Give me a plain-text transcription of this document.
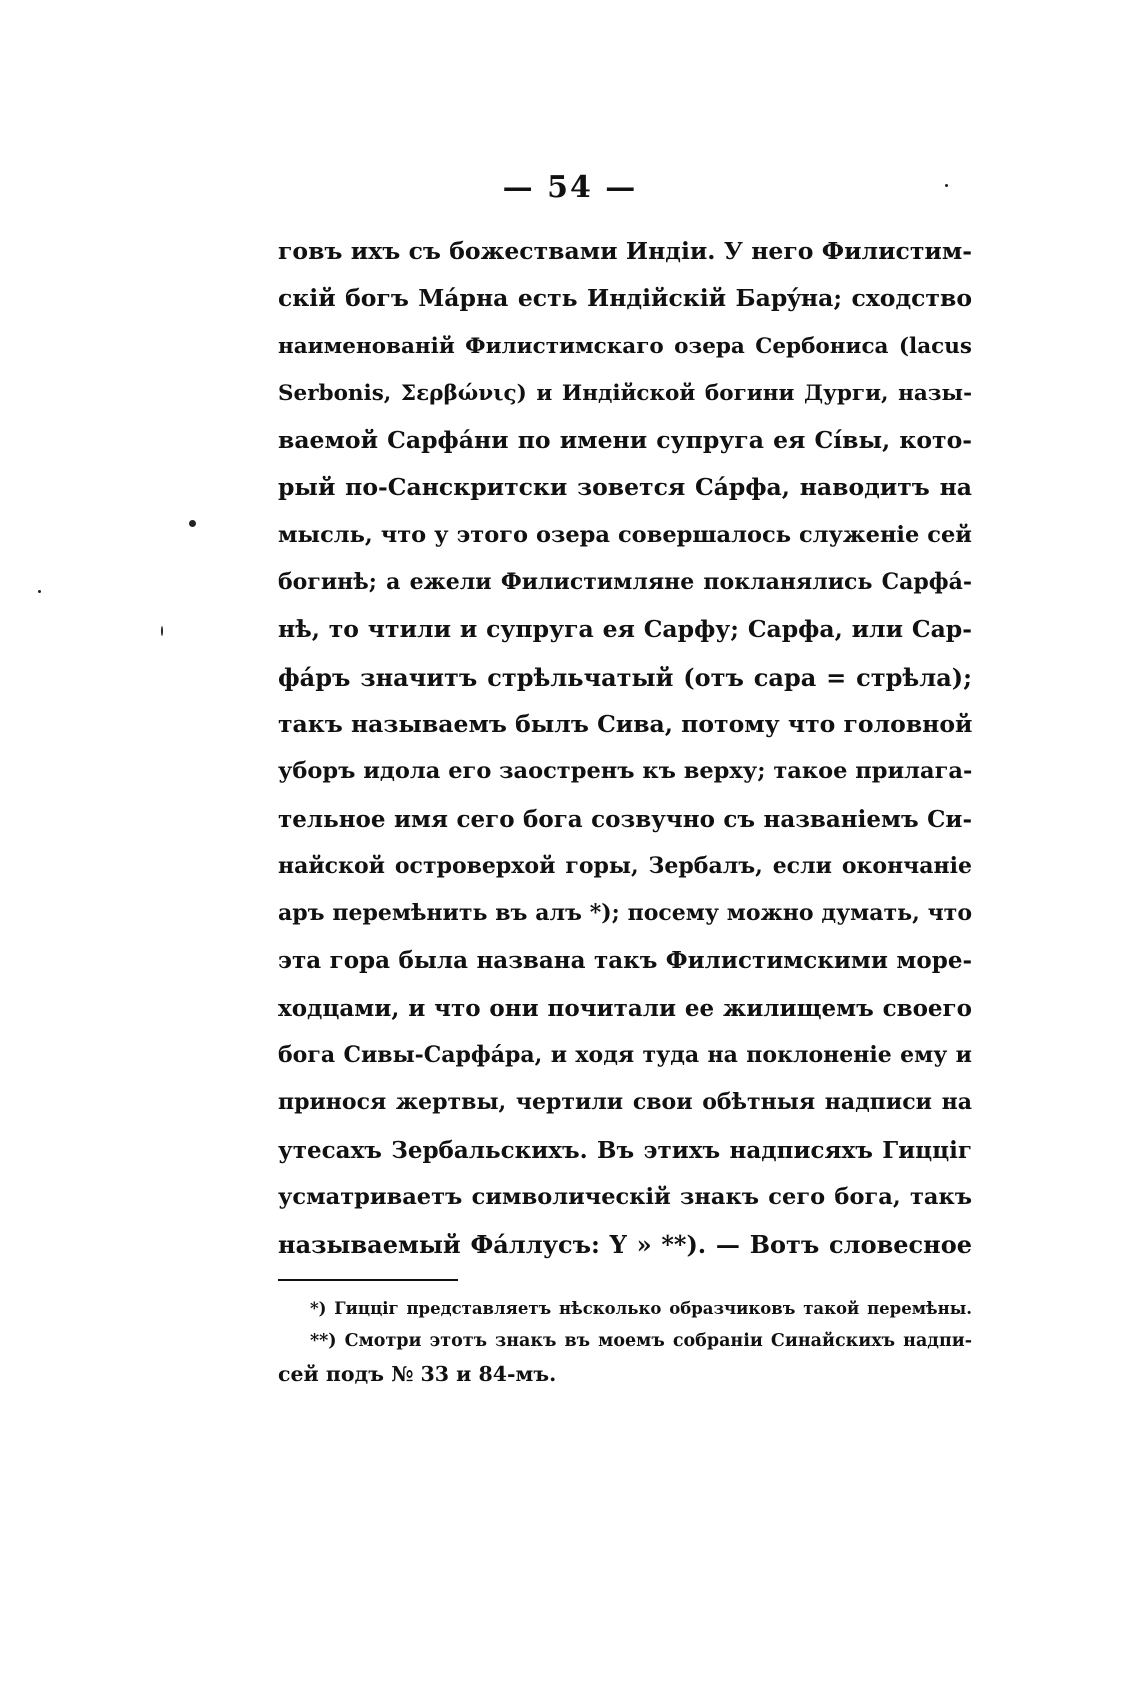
— 54 —
говъ ихъ съ божествами Индіи. У него Филистим-
скій богъ Mápна есть Индійскій Барýна; сходство
наименованій Филистимскаго озера Сербониса (lacus
Serbonis, Σερβώνις) и Индійской богини Дурги, назы-
ваемой Сарфáни по имени супруга ея Сíвы, кото-
рый по-Санскритски зовется Сáрфа, наводитъ на
мысль, что у этого озера совершалось служеніе сей
богинѣ; а ежели Филистимляне покланялись Сарфá-
нѣ, то чтили и супруга ея Сарфу; Сарфа, или Сар-
фáръ значитъ стрѣльчатый (отъ сара = стрѣла);
такъ называемъ былъ Сива, потому что головной
уборъ идола его заостренъ къ верху; такое прилага-
тельное имя сего бога созвучно съ названіемъ Си-
найской островерхой горы, Зербалъ, если окончаніе
аръ перемѣнить въ алъ *); посему можно думать, что
эта гора была названа такъ Филистимскими море-
ходцами, и что они почитали ее жилищемъ своего
бога Сивы-Сарфáра, и ходя туда на поклоненіе ему и
принося жертвы, чертили свои обѣтныя надписи на
утесахъ Зербальскихъ. Въ этихъ надписяхъ Гицціг
усматриваетъ символическій знакъ сего бога, такъ
называемый Фáллусъ: Y » **). — Вотъ словесное
*) Гицціг представляетъ нѣсколько образчиковъ такой перемѣны.
**) Смотри этотъ знакъ въ моемъ собраніи Синайскихъ надпи-
сей подъ № 33 и 84-мъ.
